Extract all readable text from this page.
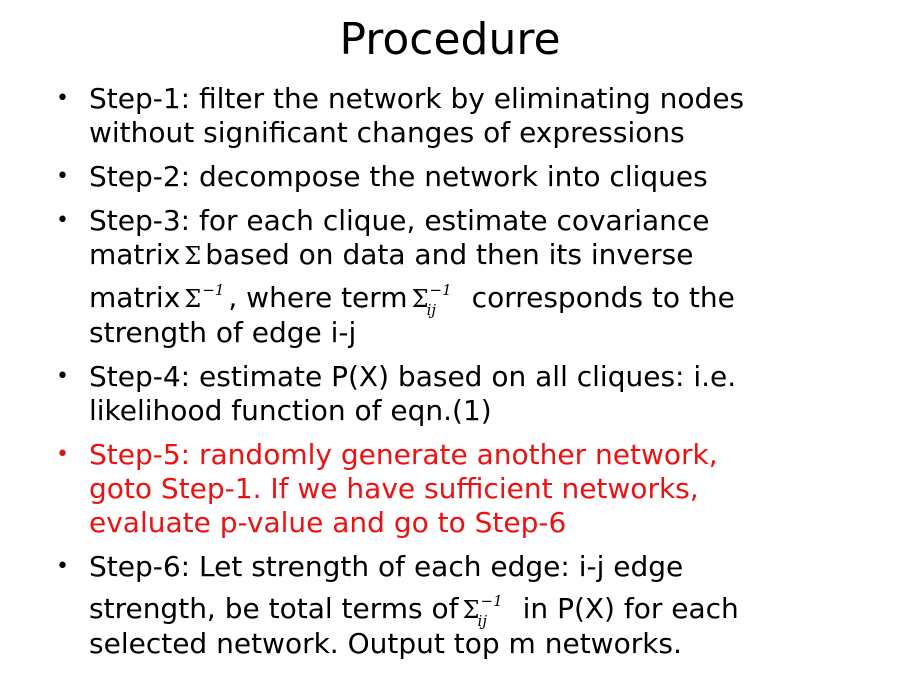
Procedure
• Step-1: filter the network by eliminating nodes
without significant changes of expressions
• Step-2: decompose the network into cliques
• Step-3: for each clique, estimate covariance
matrix Σ based on data and then its inverse
matrix $\Sigma^{-1}$ , where term $\Sigma^{-1}$
ij corresponds to the
strength of edge i-j
• Step-4: estimate P(X) based on all cliques: i.e.
likelihood function of eqn.(1)
• Step-5: randomly generate another network,
goto Step-1. If we have sufficient networks,
evaluate p-value and go to Step-6
• Step-6: Let strength of each edge: i-j edge
strength, be total terms of $\Sigma^{-1}$
ij in P(X) for each
selected network. Output top m networks.
